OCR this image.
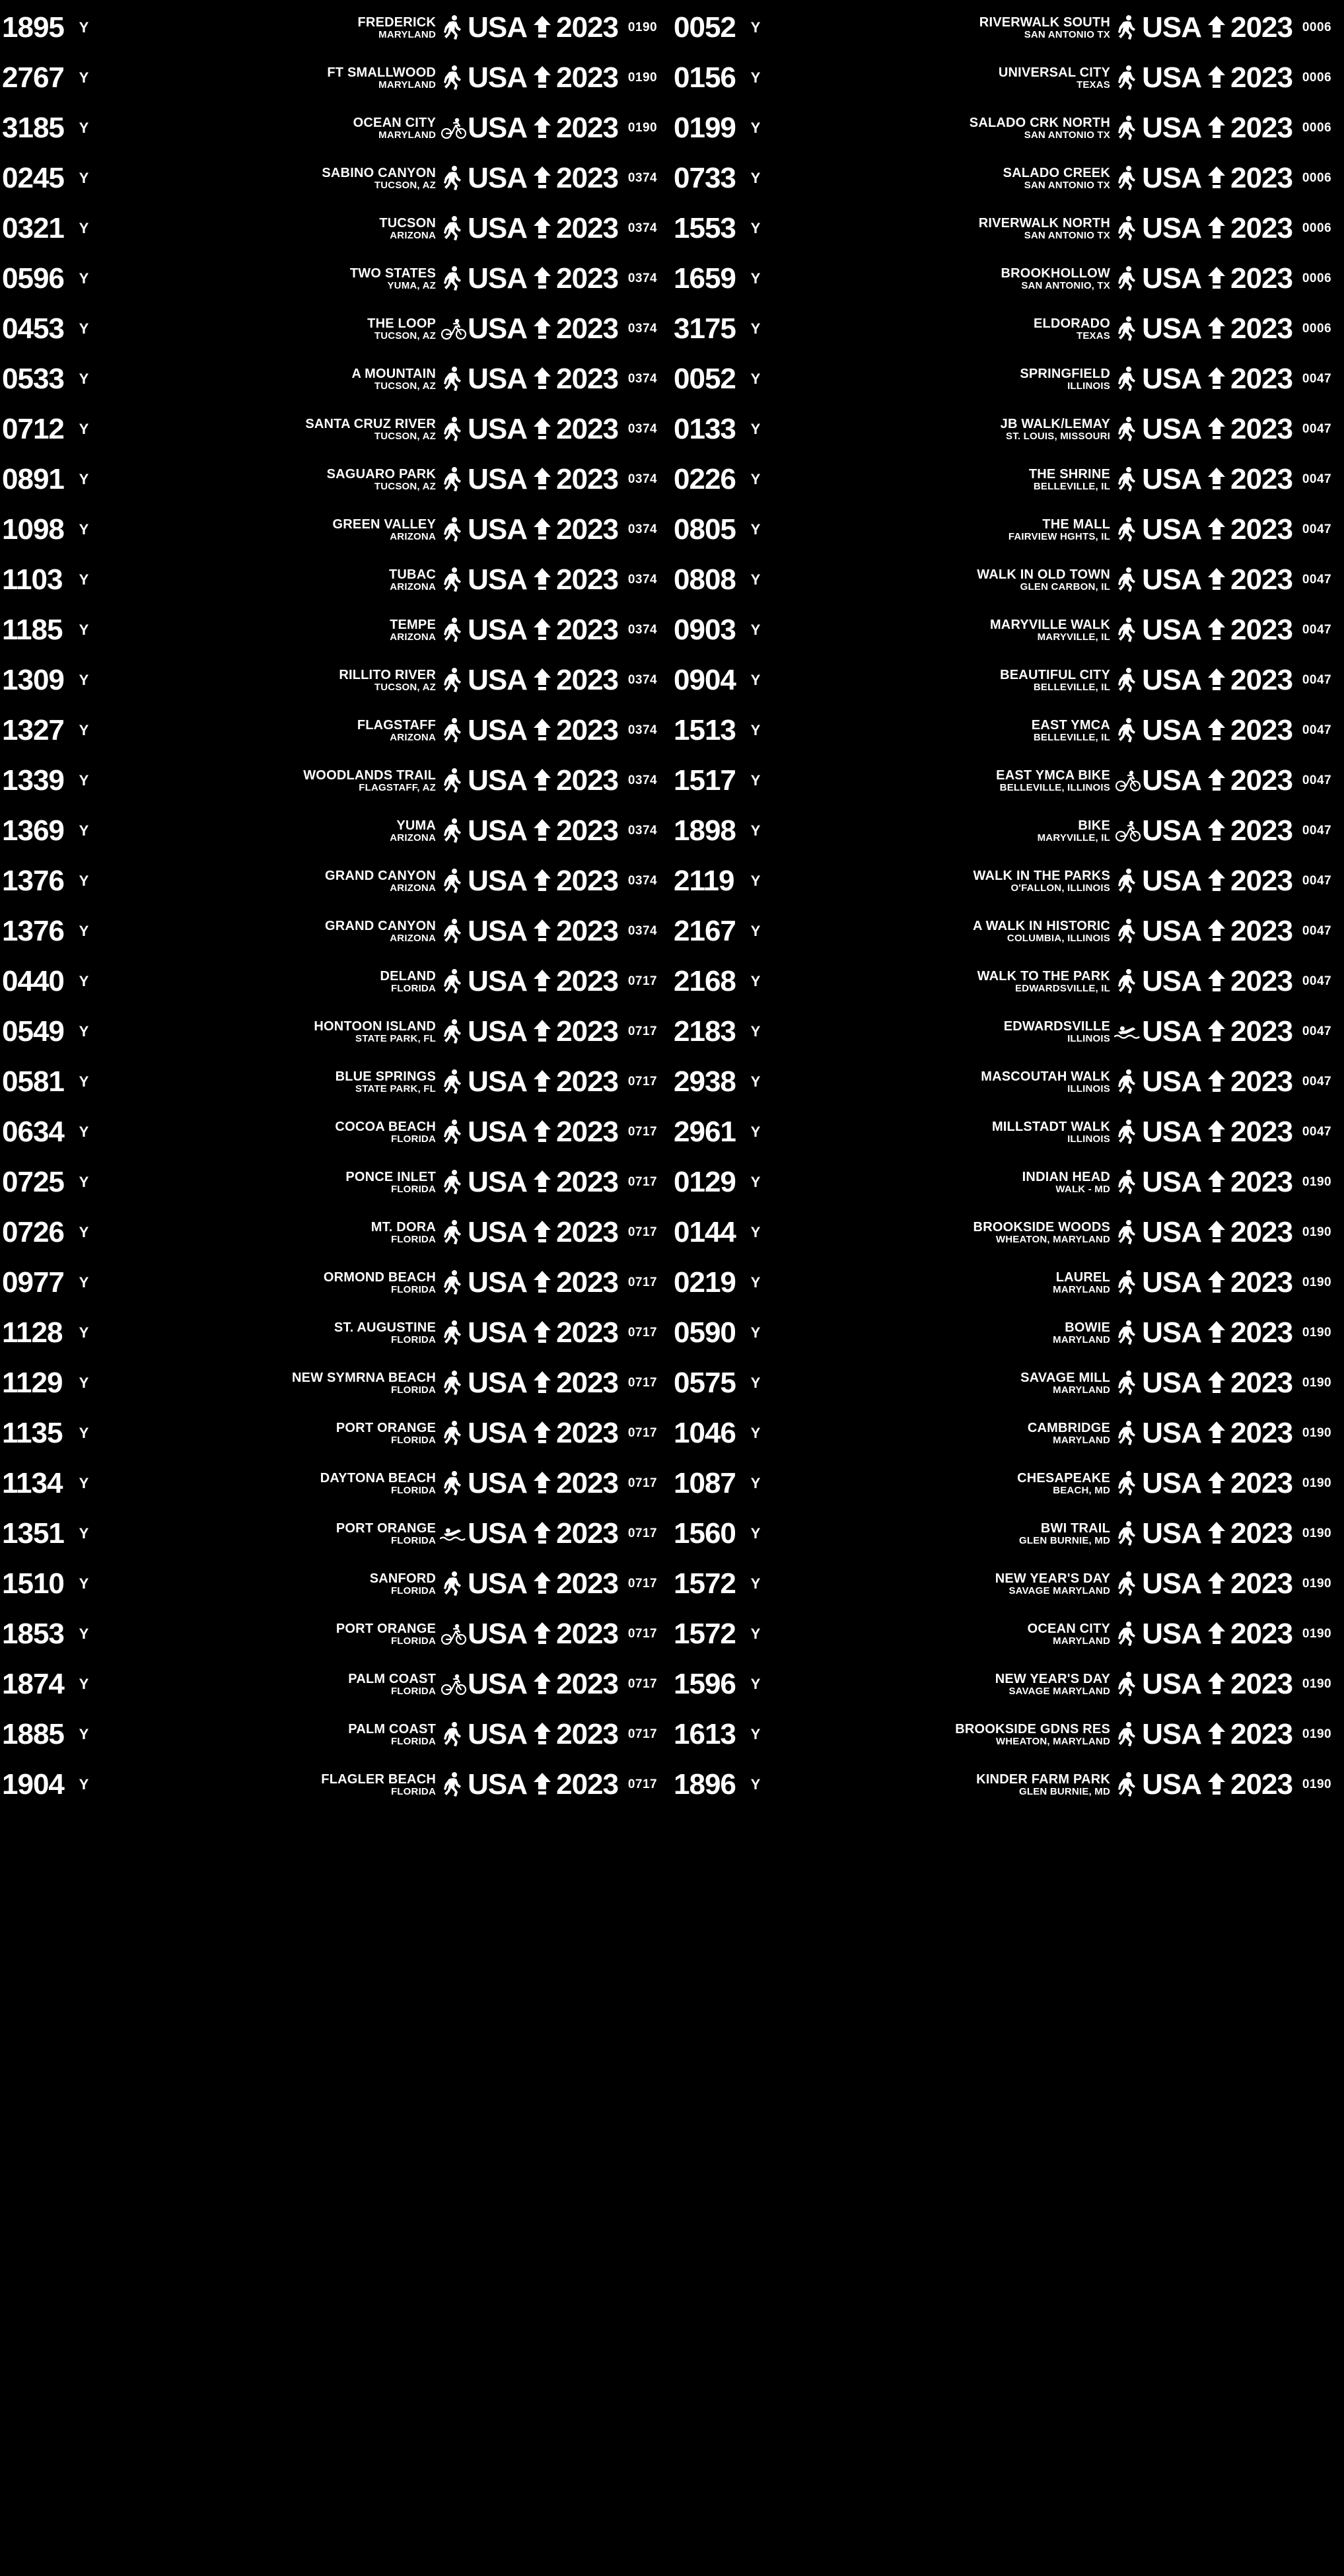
0006
2023
USA
RIVERWALK SOUTH
SAN ANTONIO TX
Y
0052
0006
2023
USA
UNIVERSAL CITY
TEXAS
Y
0156
0006
2023
USA
SALADO CRK NORTH
SAN ANTONIO TX
Y
0199
0006
2023
USA
SALADO CREEK
SAN ANTONIO TX
Y
0733
0006
2023
USA
RIVERWALK NORTH
SAN ANTONIO TX
Y
1553
0006
2023
USA
BROOKHOLLOW
SAN ANTONIO, TX
Y
1659
0006
2023
USA
ELDORADO
TEXAS
Y
3175
0047
2023
USA
SPRINGFIELD
ILLINOIS
Y
0052
0047
2023
USA
JB WALK/LEMAY
ST. LOUIS, MISSOURI
Y
0133
0047
2023
USA
THE SHRINE
BELLEVILLE, IL
Y
0226
0047
2023
USA
THE MALL
FAIRVIEW HGHTS, IL
Y
0805
0047
2023
USA
WALK IN OLD TOWN
GLEN CARBON, IL
Y
0808
0047
2023
USA
MARYVILLE WALK
MARYVILLE, IL
Y
0903
0047
2023
USA
BEAUTIFUL CITY
BELLEVILLE, IL
Y
0904
0047
2023
USA
EAST YMCA
BELLEVILLE, IL
Y
1513
0047
2023
USA
EAST YMCA BIKE
BELLEVILLE, ILLINOIS
Y
1517
0047
2023
USA
BIKE
MARYVILLE, IL
Y
1898
0047
2023
USA
WALK IN THE PARKS
O'FALLON, ILLINOIS
Y
2119
0047
2023
USA
A WALK IN HISTORIC
COLUMBIA, ILLINOIS
Y
2167
0047
2023
USA
WALK TO THE PARK
EDWARDSVILLE, IL
Y
2168
0047
2023
USA
EDWARDSVILLE
ILLINOIS
Y
2183
0047
2023
USA
MASCOUTAH WALK
ILLINOIS
Y
2938
0047
2023
USA
MILLSTADT WALK
ILLINOIS
Y
2961
0190
2023
USA
INDIAN HEAD
WALK - MD
Y
0129
0190
2023
USA
BROOKSIDE WOODS
WHEATON, MARYLAND
Y
0144
0190
2023
USA
LAUREL
MARYLAND
Y
0219
0190
2023
USA
BOWIE
MARYLAND
Y
0590
0190
2023
USA
SAVAGE MILL
MARYLAND
Y
0575
0190
2023
USA
CAMBRIDGE
MARYLAND
Y
1046
0190
2023
USA
CHESAPEAKE
BEACH, MD
Y
1087
0190
2023
USA
BWI TRAIL
GLEN BURNIE, MD
Y
1560
0190
2023
USA
NEW YEAR'S DAY
SAVAGE MARYLAND
Y
1572
0190
2023
USA
OCEAN CITY
MARYLAND
Y
1572
0190
2023
USA
NEW YEAR'S DAY
SAVAGE MARYLAND
Y
1596
0190
2023
USA
BROOKSIDE GDNS RES
WHEATON, MARYLAND
Y
1613
0190
2023
USA
KINDER FARM PARK
GLEN BURNIE, MD
Y
1896
0190
2023
USA
FREDERICK
MARYLAND
Y
1895
0190
2023
USA
FT SMALLWOOD
MARYLAND
Y
2767
0190
2023
USA
OCEAN CITY
MARYLAND
Y
3185
0374
2023
USA
SABINO CANYON
TUCSON, AZ
Y
0245
0374
2023
USA
TUCSON
ARIZONA
Y
0321
0374
2023
USA
TWO STATES
YUMA, AZ
Y
0596
0374
2023
USA
THE LOOP
TUCSON, AZ
Y
0453
0374
2023
USA
A MOUNTAIN
TUCSON, AZ
Y
0533
0374
2023
USA
SANTA CRUZ RIVER
TUCSON, AZ
Y
0712
0374
2023
USA
SAGUARO PARK
TUCSON, AZ
Y
0891
0374
2023
USA
GREEN VALLEY
ARIZONA
Y
1098
0374
2023
USA
TUBAC
ARIZONA
Y
1103
0374
2023
USA
TEMPE
ARIZONA
Y
1185
0374
2023
USA
RILLITO RIVER
TUCSON, AZ
Y
1309
0374
2023
USA
FLAGSTAFF
ARIZONA
Y
1327
0374
2023
USA
WOODLANDS TRAIL
FLAGSTAFF, AZ
Y
1339
0374
2023
USA
YUMA
ARIZONA
Y
1369
0374
2023
USA
GRAND CANYON
ARIZONA
Y
1376
0374
2023
USA
GRAND CANYON
ARIZONA
Y
1376
0717
2023
USA
DELAND
FLORIDA
Y
0440
0717
2023
USA
HONTOON ISLAND
STATE PARK, FL
Y
0549
0717
2023
USA
BLUE SPRINGS
STATE PARK, FL
Y
0581
0717
2023
USA
COCOA BEACH
FLORIDA
Y
0634
0717
2023
USA
PONCE INLET
FLORIDA
Y
0725
0717
2023
USA
MT. DORA
FLORIDA
Y
0726
0717
2023
USA
ORMOND BEACH
FLORIDA
Y
0977
0717
2023
USA
ST. AUGUSTINE
FLORIDA
Y
1128
0717
2023
USA
NEW SYMRNA BEACH
FLORIDA
Y
1129
0717
2023
USA
PORT ORANGE
FLORIDA
Y
1135
0717
2023
USA
DAYTONA BEACH
FLORIDA
Y
1134
0717
2023
USA
PORT ORANGE
FLORIDA
Y
1351
0717
2023
USA
SANFORD
FLORIDA
Y
1510
0717
2023
USA
PORT ORANGE
FLORIDA
Y
1853
0717
2023
USA
PALM COAST
FLORIDA
Y
1874
0717
2023
USA
PALM COAST
FLORIDA
Y
1885
0717
2023
USA
FLAGLER BEACH
FLORIDA
Y
1904
